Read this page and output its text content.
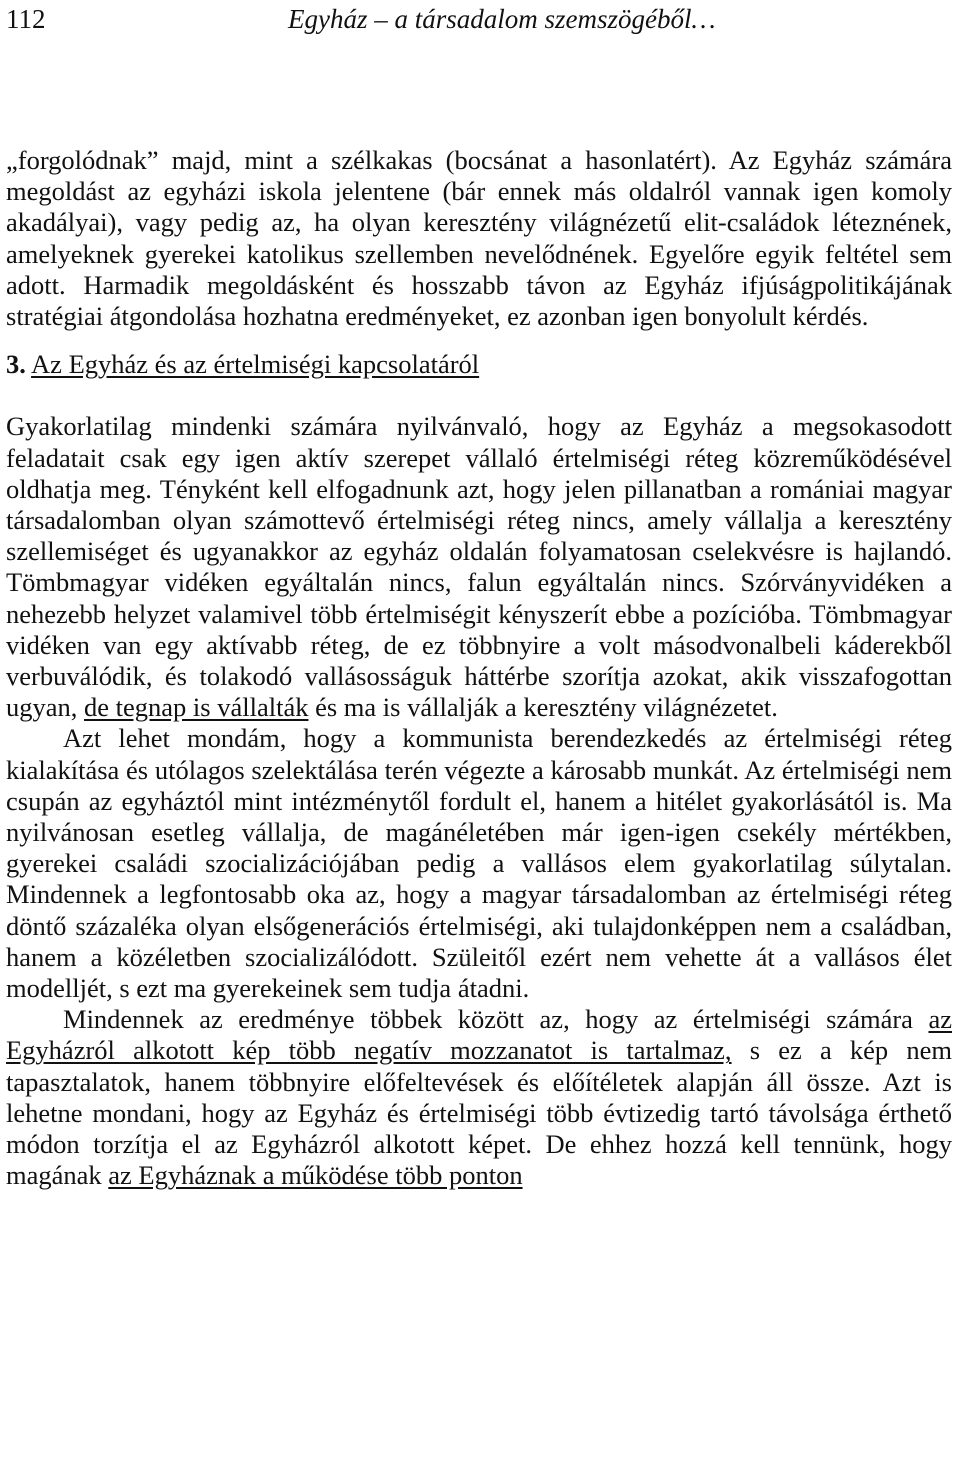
112	Egyház – a társadalom szemszögéből…

„forgolódnak” majd, mint a szélkakas (bocsánat a hasonlatért). Az Egyház számára megoldást az egyházi iskola jelentene (bár ennek más oldalról vannak igen komoly akadályai), vagy pedig az, ha olyan keresztény világnézetű elit-családok léteznének, amelyeknek gyerekei katolikus szellemben nevelődnének. Egyelőre egyik feltétel sem adott. Harmadik megoldásként és hosszabb távon az Egyház ifjúságpolitikájának stratégiai átgondolása hozhatna eredményeket, ez azonban igen bonyolult kérdés.

3. Az Egyház és az értelmiségi kapcsolatáról

Gyakorlatilag mindenki számára nyilvánvaló, hogy az Egyház a megsokasodott feladatait csak egy igen aktív szerepet vállaló értelmiségi réteg közreműködésével oldhatja meg. Tényként kell elfogadnunk azt, hogy jelen pillanatban a romániai magyar társadalomban olyan számottevő értelmiségi réteg nincs, amely vállalja a keresztény szellemiséget és ugyanakkor az egyház oldalán folyamatosan cselekvésre is hajlandó. Tömbmagyar vidéken egyáltalán nincs, falun egyáltalán nincs. Szórványvidéken a nehezebb helyzet valamivel több értelmiségit kényszerít ebbe a pozícióba. Tömbmagyar vidéken van egy aktívabb réteg, de ez többnyire a volt másodvonalbeli káderekből verbuválódik, és tolakodó vallásosságuk háttérbe szorítja azokat, akik visszafogottan ugyan, de tegnap is vállalták és ma is vállalják a keresztény világnézetet.

Azt lehet mondám, hogy a kommunista berendezkedés az értelmiségi réteg kialakítása és utólagos szelektálása terén végezte a károsabb munkát. Az értelmiségi nem csupán az egyháztól mint intézménytől fordult el, hanem a hitélet gyakorlásától is. Ma nyilvánosan esetleg vállalja, de magánéletében már igen-igen csekély mértékben, gyerekei családi szocializációjában pedig a vallásos elem gyakorlatilag súlytalan. Mindennek a legfontosabb oka az, hogy a magyar társadalomban az értelmiségi réteg döntő százaléka olyan elsőgenerációs értelmiségi, aki tulajdonképpen nem a családban, hanem a közéletben szocializálódott. Szüleitől ezért nem vehette át a vallásos élet modelljét, s ezt ma gyerekeinek sem tudja átadni.

Mindennek az eredménye többek között az, hogy az értelmiségi számára az Egyházról alkotott kép több negatív mozzanatot is tartalmaz, s ez a kép nem tapasztalatok, hanem többnyire előfeltevések és előítéletek alapján áll össze. Azt is lehetne mondani, hogy az Egyház és értelmiségi több évtizedig tartó távolsága érthető módon torzítja el az Egyházról alkotott képet. De ehhez hozzá kell tennünk, hogy magának az Egyháznak a működése több ponton
